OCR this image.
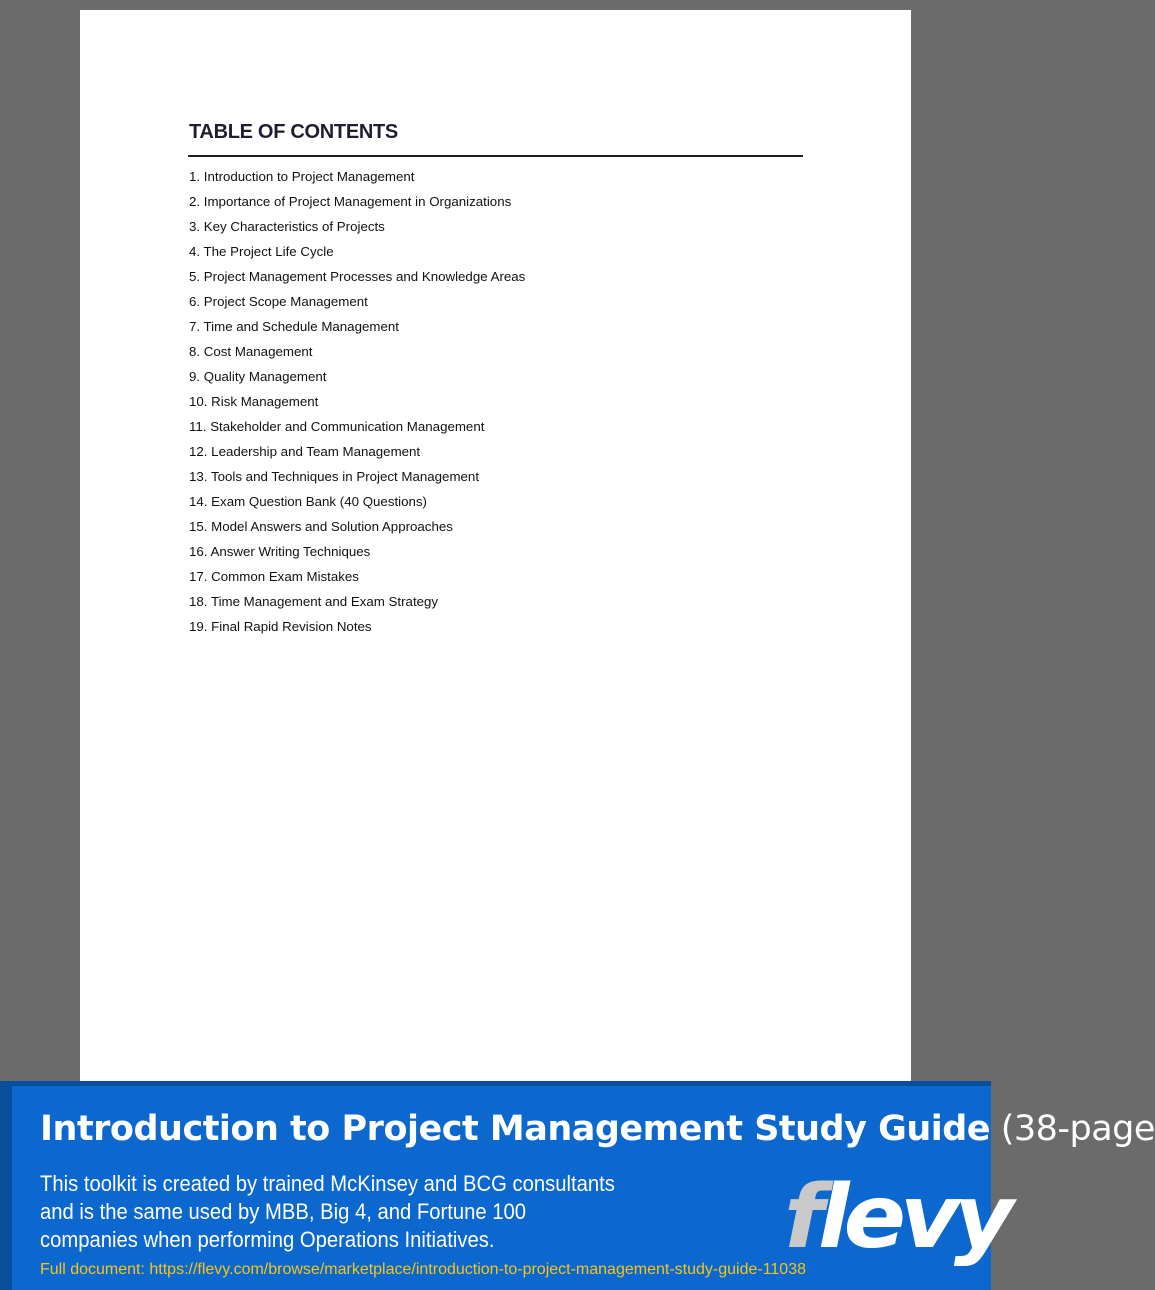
TABLE OF CONTENTS
1. Introduction to Project Management
2. Importance of Project Management in Organizations
3. Key Characteristics of Projects
4. The Project Life Cycle
5. Project Management Processes and Knowledge Areas
6. Project Scope Management
7. Time and Schedule Management
8. Cost Management
9. Quality Management
10. Risk Management
11. Stakeholder and Communication Management
12. Leadership and Team Management
13. Tools and Techniques in Project Management
14. Exam Question Bank (40 Questions)
15. Model Answers and Solution Approaches
16. Answer Writing Techniques
17. Common Exam Mistakes
18. Time Management and Exam Strategy
19. Final Rapid Revision Notes
Introduction to Project Management Study Guide (38-page

This toolkit is created by trained McKinsey and BCG consultants and is the same used by MBB, Big 4, and Fortune 100 companies when performing Operations Initiatives.	flevy
Full document: https://flevy.com/browse/marketplace/introduction-to-project-management-study-guide-11038
